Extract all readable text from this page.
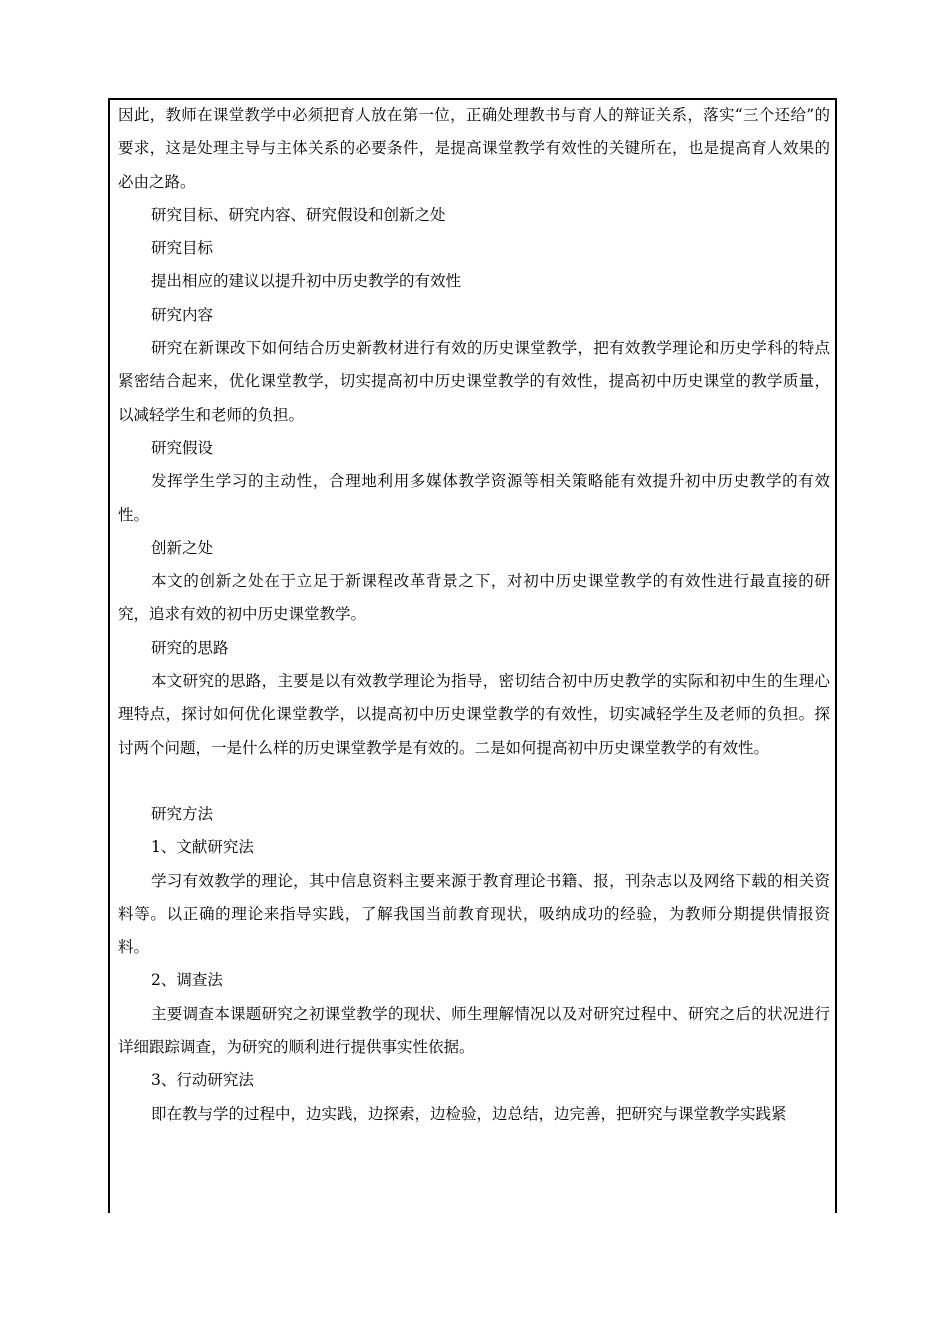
因此，教师在课堂教学中必须把育人放在第一位，正确处理教书与育人的辩证关系，落实“三个还给”的要求，这是处理主导与主体关系的必要条件，是提高课堂教学有效性的关键所在，也是提高育人效果的必由之路。

研究目标、研究内容、研究假设和创新之处

研究目标

提出相应的建议以提升初中历史教学的有效性

研究内容

研究在新课改下如何结合历史新教材进行有效的历史课堂教学，把有效教学理论和历史学科的特点紧密结合起来，优化课堂教学，切实提高初中历史课堂教学的有效性，提高初中历史课堂的教学质量，以减轻学生和老师的负担。

研究假设

发挥学生学习的主动性，合理地利用多媒体教学资源等相关策略能有效提升初中历史教学的有效性。

创新之处

本文的创新之处在于立足于新课程改革背景之下，对初中历史课堂教学的有效性进行最直接的研究，追求有效的初中历史课堂教学。

研究的思路

本文研究的思路，主要是以有效教学理论为指导，密切结合初中历史教学的实际和初中生的生理心理特点，探讨如何优化课堂教学，以提高初中历史课堂教学的有效性，切实减轻学生及老师的负担。探讨两个问题，一是什么样的历史课堂教学是有效的。二是如何提高初中历史课堂教学的有效性。

研究方法

1、文献研究法

学习有效教学的理论，其中信息资料主要来源于教育理论书籍、报，刊杂志以及网络下载的相关资料等。以正确的理论来指导实践，了解我国当前教育现状，吸纳成功的经验，为教师分期提供情报资料。

2、调查法

主要调查本课题研究之初课堂教学的现状、师生理解情况以及对研究过程中、研究之后的状况进行详细跟踪调查，为研究的顺利进行提供事实性依据。

3、行动研究法

即在教与学的过程中，边实践，边探索，边检验，边总结，边完善，把研究与课堂教学实践紧
